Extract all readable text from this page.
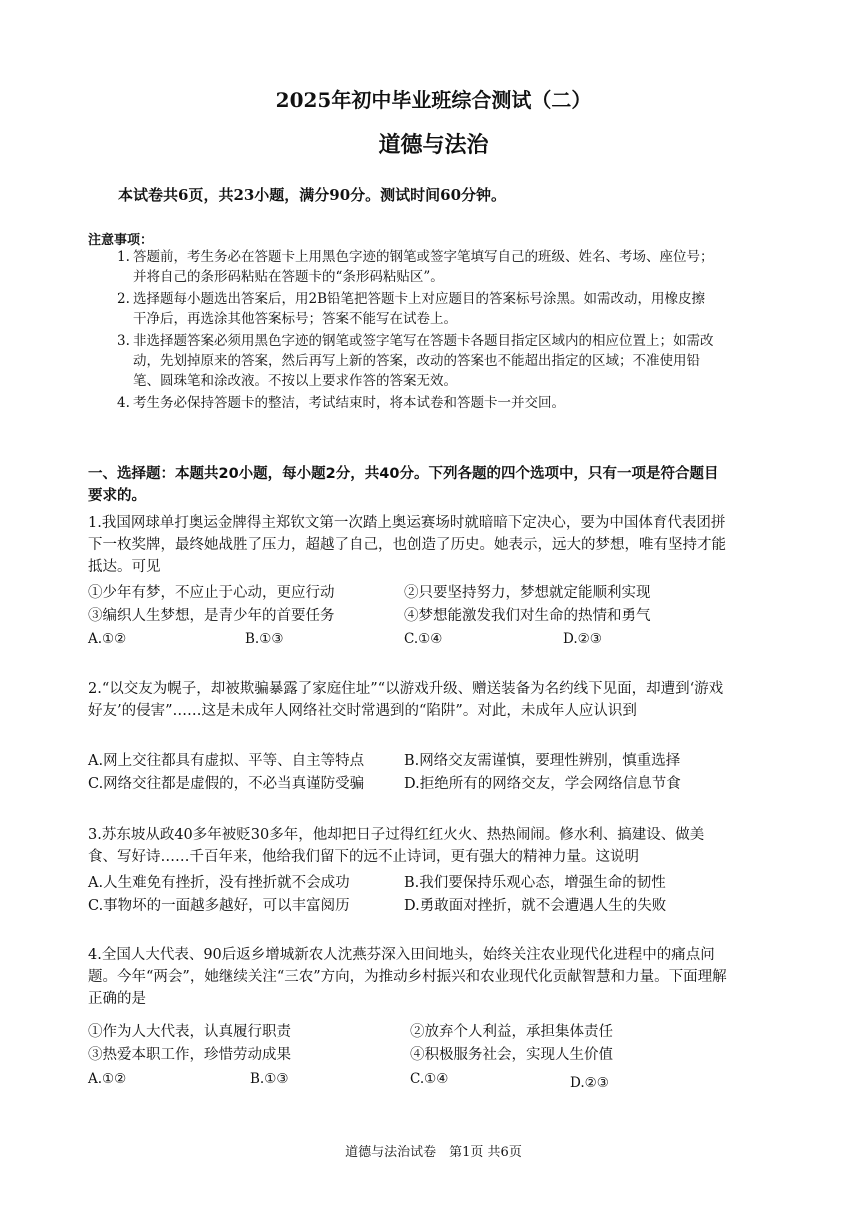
2025年初中毕业班综合测试（二）
道德与法治
本试卷共6页，共23小题，满分90分。测试时间60分钟。
注意事项：
1. 答题前，考生务必在答题卡上用黑色字迹的钢笔或签字笔填写自己的班级、姓名、考场、座位号；并将自己的条形码粘贴在答题卡的“条形码粘贴区”。
2. 选择题每小题选出答案后，用2B铅笔把答题卡上对应题目的答案标号涂黑。如需改动，用橡皮擦干净后，再选涂其他答案标号；答案不能写在试卷上。
3. 非选择题答案必须用黑色字迹的钢笔或签字笔写在答题卡各题目指定区域内的相应位置上；如需改动，先划掉原来的答案，然后再写上新的答案，改动的答案也不能超出指定的区域；不准使用铅笔、圆珠笔和涂改液。不按以上要求作答的答案无效。
4. 考生务必保持答题卡的整洁，考试结束时，将本试卷和答题卡一并交回。
一、选择题：本题共20小题，每小题2分，共40分。下列各题的四个选项中，只有一项是符合题目要求的。
1.我国网球单打奥运金牌得主郑钦文第一次踏上奥运赛场时就暗暗下定决心，要为中国体育代表团拼下一枚奖牌，最终她战胜了压力，超越了自己，也创造了历史。她表示，远大的梦想，唯有坚持才能抵达。可见
①少年有梦，不应止于心动，更应行动	②只要坚持努力，梦想就定能顺利实现
③编织人生梦想，是青少年的首要任务	④梦想能激发我们对生命的热情和勇气
A.①②	B.①③	C.①④	D.②③
2.“以交友为幌子，却被欺骗暴露了家庭住址”“以游戏升级、赠送装备为名约线下见面，却遭到‘游戏好友’的侵害”……这是未成年人网络社交时常遇到的“陷阱”。对此，未成年人应认识到
A.网上交往都具有虚拟、平等、自主等特点	B.网络交友需谨慎，要理性辨别，慎重选择
C.网络交往都是虚假的，不必当真谨防受骗	D.拒绝所有的网络交友，学会网络信息节食
3.苏东坡从政40多年被贬30多年，他却把日子过得红红火火、热热闹闹。修水利、搞建设、做美食、写好诗……千百年来，他给我们留下的远不止诗词，更有强大的精神力量。这说明
A.人生难免有挫折，没有挫折就不会成功	B.我们要保持乐观心态，增强生命的韧性
C.事物坏的一面越多越好，可以丰富阅历	D.勇敢面对挫折，就不会遭遇人生的失败
4.全国人大代表、90后返乡增城新农人沈燕芬深入田间地头，始终关注农业现代化进程中的痛点问题。今年“两会”，她继续关注“三农”方向，为推动乡村振兴和农业现代化贡献智慧和力量。下面理解正确的是
①作为人大代表，认真履行职责	②放弃个人利益，承担集体责任
③热爱本职工作，珍惜劳动成果	④积极服务社会，实现人生价值
A.①②	B.①③	C.①④	D.②③
道德与法治试卷　第1页 共6页
